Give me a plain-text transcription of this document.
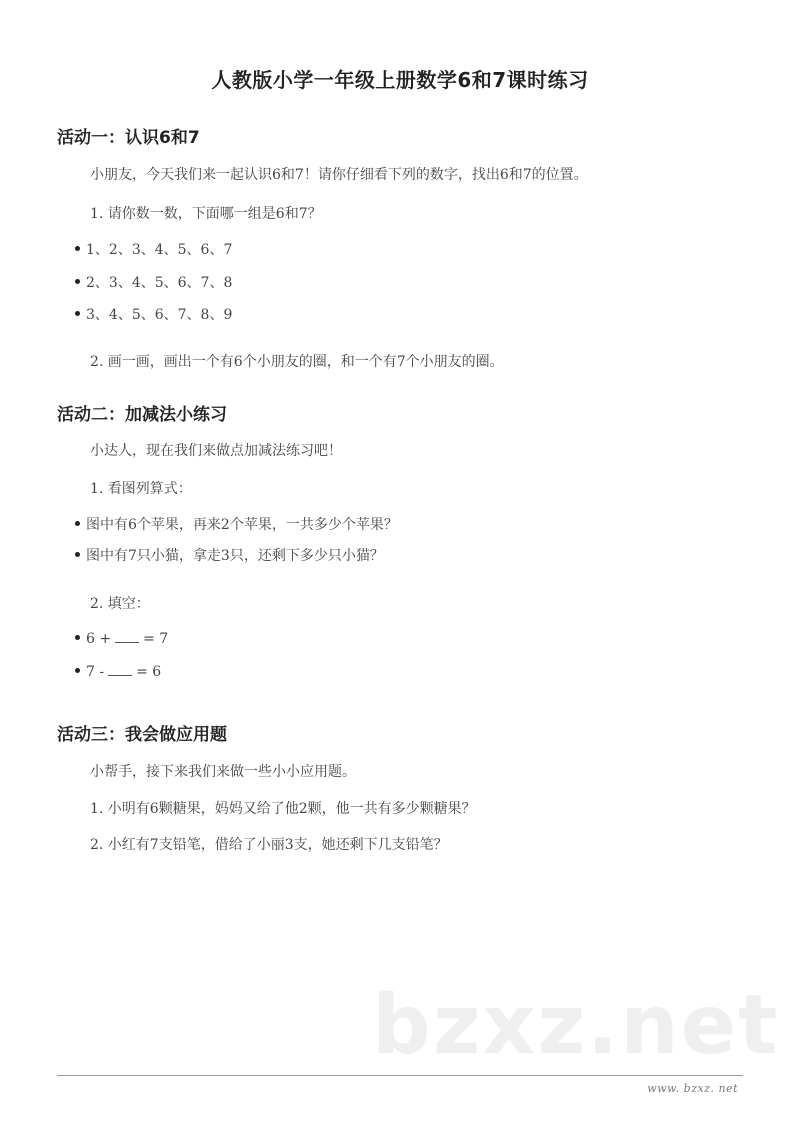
人教版小学一年级上册数学6和7课时练习
活动一：认识6和7
小朋友，今天我们来一起认识6和7！请你仔细看下列的数字，找出6和7的位置。
1. 请你数一数，下面哪一组是6和7？
1、2、3、4、5、6、7
2、3、4、5、6、7、8
3、4、5、6、7、8、9
2. 画一画，画出一个有6个小朋友的圈，和一个有7个小朋友的圈。
活动二：加减法小练习
小达人，现在我们来做点加减法练习吧！
1. 看图列算式：
图中有6个苹果，再来2个苹果，一共多少个苹果？
图中有7只小猫，拿走3只，还剩下多少只小猫？
2. 填空：
6 + = 7
7 - = 6
活动三：我会做应用题
小帮手，接下来我们来做一些小小应用题。
1. 小明有6颗糖果，妈妈又给了他2颗，他一共有多少颗糖果？
2. 小红有7支铅笔，借给了小丽3支，她还剩下几支铅笔？
bzxz.net
www. bzxz. net
